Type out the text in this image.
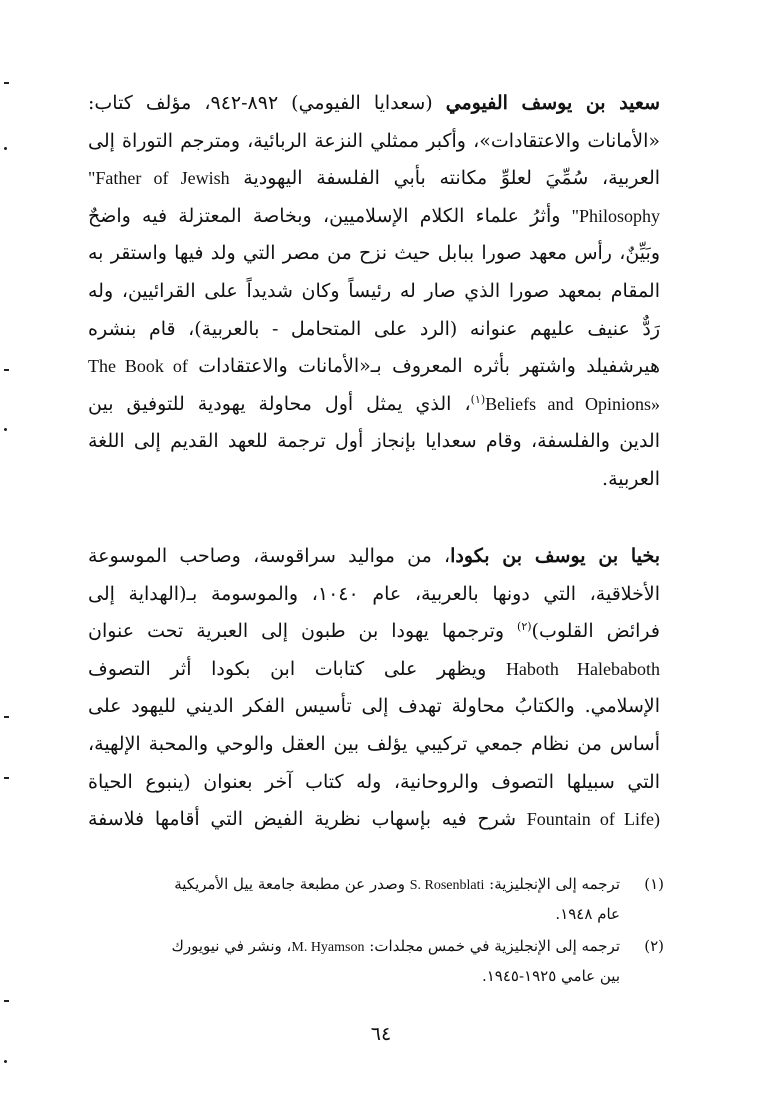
سعيد بن يوسف الفيومي (سعدايا الفيومي) ٨٩٢-٩٤٢، مؤلف كتاب:
«الأمانات والاعتقادات»، وأكبر ممثلي النزعة الربائية، ومترجم التوراة إلى
العربية، سُمِّيَ لعلوِّ مكانته بأبي الفلسفة اليهودية "Father of Jewish
"Philosophy وأثرُ علماء الكلام الإسلاميين، وبخاصة المعتزلة فيه واضحٌ
وبَيِّنٌ، رأس معهد صورا ببابل حيث نزح من مصر التي ولد فيها واستقر به
المقام بمعهد صورا الذي صار له رئيساً وكان شديداً على القرائيين، وله
رَدٌّ عنيف عليهم عنوانه (الرد على المتحامل - بالعربية)، قام بنشره
هيرشفيلد واشتهر بأثره المعروف بـ«الأمانات والاعتقادات The Book of
Beliefs and Opinions»$^{(١)}$، الذي يمثل أول محاولة يهودية للتوفيق بين
الدين والفلسفة، وقام سعدايا بإنجاز أول ترجمة للعهد القديم إلى اللغة
العربية.
بخيا بن يوسف بن بكودا، من مواليد سراقوسة، وصاحب الموسوعة
الأخلاقية، التي دونها بالعربية، عام ١٠٤٠، والموسومة بـ(الهداية إلى
فرائض القلوب)$^{(٢)}$ وترجمها يهودا بن طبون إلى العبرية تحت عنوان
Haboth Halebaboth ويظهر على كتابات ابن بكودا أثر التصوف
الإسلامي. والكتابُ محاولة تهدف إلى تأسيس الفكر الديني لليهود على
أساس من نظام جمعي تركيبي يؤلف بين العقل والوحي والمحبة الإلهية،
التي سبيلها التصوف والروحانية، وله كتاب آخر بعنوان (ينبوع الحياة
Fountain of Life) شرح فيه بإسهاب نظرية الفيض التي أقامها فلاسفة
(١)
ترجمه إلى الإنجليزية: S. Rosenblati وصدر عن مطبعة جامعة ييل الأمريكية
عام ١٩٤٨.
(٢)
ترجمه إلى الإنجليزية في خمس مجلدات: M. Hyamson، ونشر في نيويورك
بين عامي ١٩٢٥-١٩٤٥.
٦٤
